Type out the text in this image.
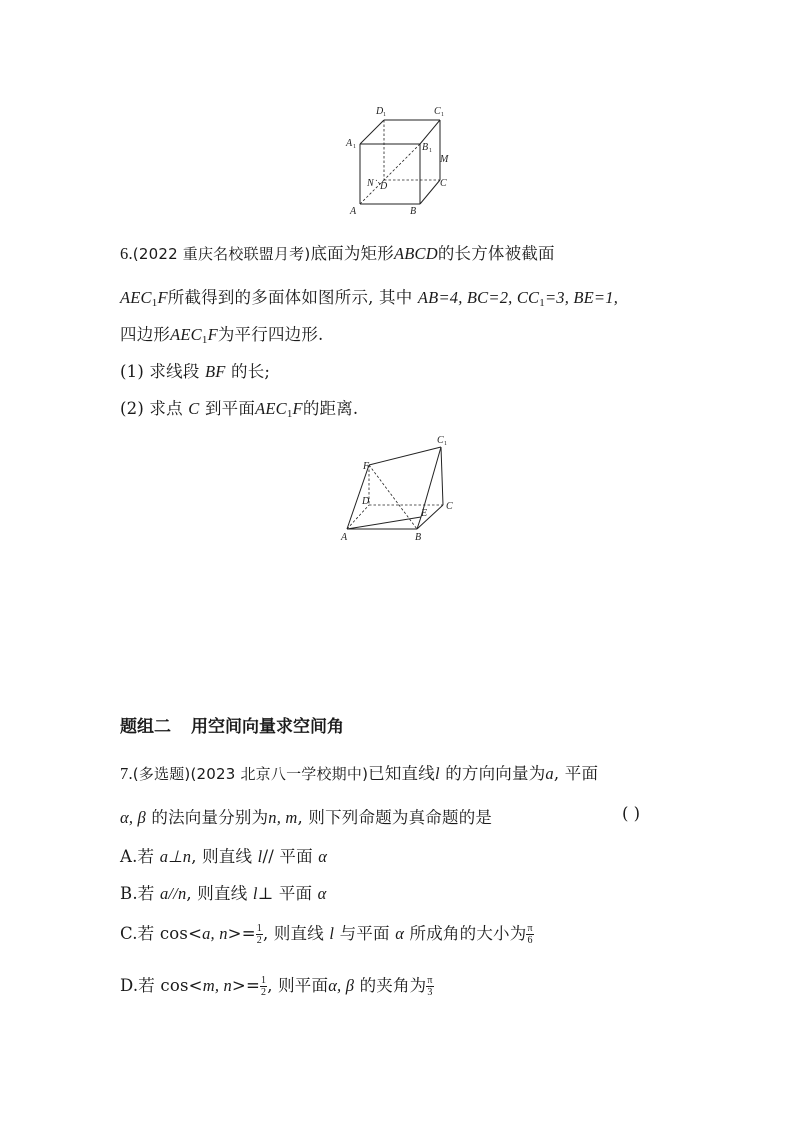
D 1	C 1
A 1	B 1
M
N D	C
A	B
6.(2022 重庆名校联盟月考)底面为矩形ABCD的长方体被截面
$AEC_1F$所截得到的多面体如图所示, 其中 AB=4, BC=2, $CC_1=3$, BE=1,
四边形$AEC_1F$为平行四边形.
(1) 求线段 BF 的长;
(2) 求点 C 到平面$AEC_1F$的距离.
C 1
F
D
E
C
A	B
题组二 用空间向量求空间角
7.(多选题)(2023 北京八一学校期中)已知直线l 的方向向量为a, 平面
α, β 的法向量分别为n, m, 则下列命题为真命题的是	( )
A.若 a⊥n, 则直线 l// 平面 α
B.若 a//n, 则直线 l⊥ 平面 α
C.若 cos<a, $n>= \frac{1}{2}$ , 则直线 l 与平面 α 所成角的大小为 $\frac{\pi}{6}$
D.若 cos<m, $n>= \frac{1}{2}$ , 则平面α, β 的夹角为 $\frac{\pi}{3}$
